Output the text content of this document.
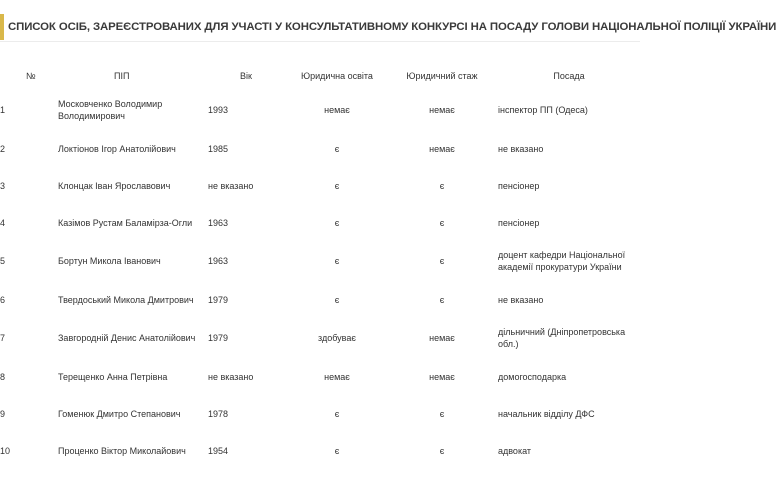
СПИСОК ОСІБ, ЗАРЕЄСТРОВАНИХ ДЛЯ УЧАСТІ У КОНСУЛЬТАТИВНОМУ КОНКУРСІ НА ПОСАДУ ГОЛОВИ НАЦІОНАЛЬНОЇ ПОЛІЦІЇ УКРАЇНИ
№	ПІП	Вік	Юридична освіта	Юридичний стаж	Посада
1	Московченко Володимир Володимирович	1993	немає	немає	інспектор ПП (Одеса)
2	Локтіонов Ігор Анатолійович	1985	є	немає	не вказано
3	Клонцак Іван Ярославович	не вказано	є	є	пенсіонер
4	Казімов Рустам Баламірза-Огли	1963	є	є	пенсіонер
5	Бортун Микола Іванович	1963	є	є	доцент кафедри Національної академії прокуратури України
6	Твердоський Микола Дмитрович	1979	є	є	не вказано
7	Завгородній Денис Анатолійович	1979	здобуває	немає	дільничний (Дніпропетровська обл.)
8	Терещенко Анна Петрівна	не вказано	немає	немає	домогосподарка
9	Гоменюк Дмитро Степанович	1978	є	є	начальник відділу ДФС
10	Проценко Віктор Миколайович	1954	є	є	адвокат
